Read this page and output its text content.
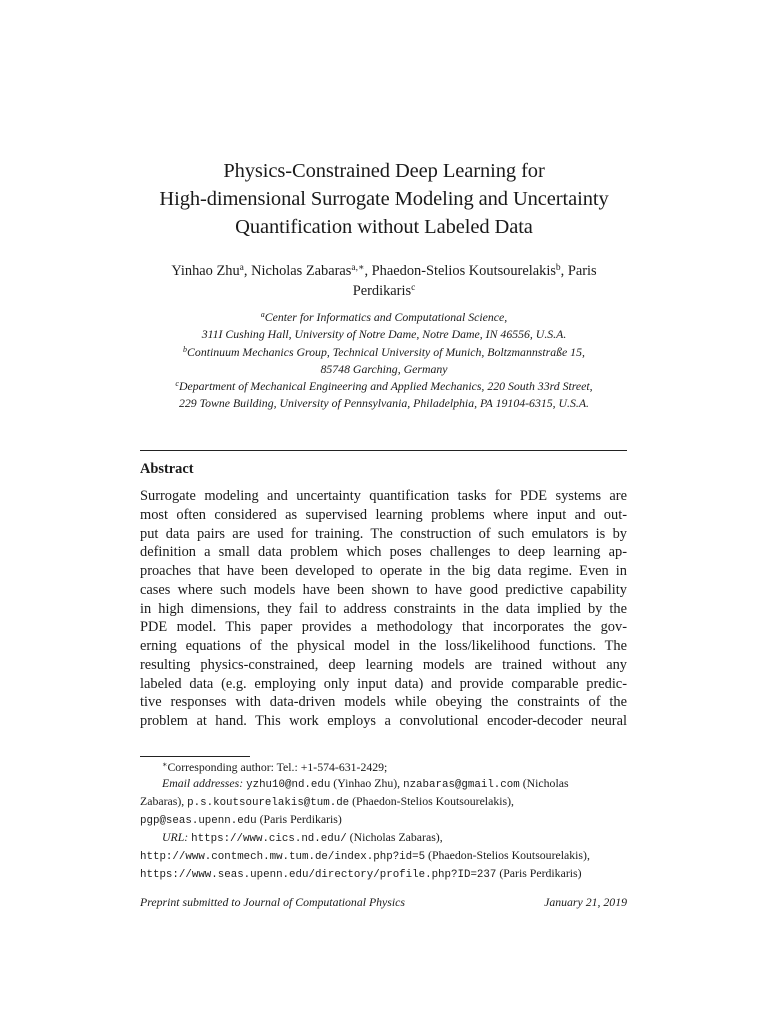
Physics-Constrained Deep Learning for
High-dimensional Surrogate Modeling and Uncertainty
Quantification without Labeled Data
Yinhao Zhu$^a$, Nicholas Zabaras$^{a,∗}$, Phaedon-Stelios Koutsourelakis$^b$, Paris
Perdikaris$^c$
$^a$Center for Informatics and Computational Science,
311I Cushing Hall, University of Notre Dame, Notre Dame, IN 46556, U.S.A.
$^b$Continuum Mechanics Group, Technical University of Munich, Boltzmannstraße 15,
85748 Garching, Germany
$^c$Department of Mechanical Engineering and Applied Mechanics, 220 South 33rd Street,
229 Towne Building, University of Pennsylvania, Philadelphia, PA 19104-6315, U.S.A.
Abstract
Surrogate modeling and uncertainty quantification tasks for PDE systems are
most often considered as supervised learning problems where input and out-
put data pairs are used for training. The construction of such emulators is by
definition a small data problem which poses challenges to deep learning ap-
proaches that have been developed to operate in the big data regime. Even in
cases where such models have been shown to have good predictive capability
in high dimensions, they fail to address constraints in the data implied by the
PDE model. This paper provides a methodology that incorporates the gov-
erning equations of the physical model in the loss/likelihood functions. The
resulting physics-constrained, deep learning models are trained without any
labeled data (e.g. employing only input data) and provide comparable predic-
tive responses with data-driven models while obeying the constraints of the
problem at hand. This work employs a convolutional encoder-decoder neural
∗Corresponding author: Tel.: +1-574-631-2429;
Email addresses: yzhu10@nd.edu (Yinhao Zhu), nzabaras@gmail.com (Nicholas
Zabaras), p.s.koutsourelakis@tum.de (Phaedon-Stelios Koutsourelakis),
pgp@seas.upenn.edu (Paris Perdikaris)
URL: https://www.cics.nd.edu/ (Nicholas Zabaras),
http://www.contmech.mw.tum.de/index.php?id=5 (Phaedon-Stelios Koutsourelakis),
https://www.seas.upenn.edu/directory/profile.php?ID=237 (Paris Perdikaris)
Preprint submitted to Journal of Computational Physics	January 21, 2019
